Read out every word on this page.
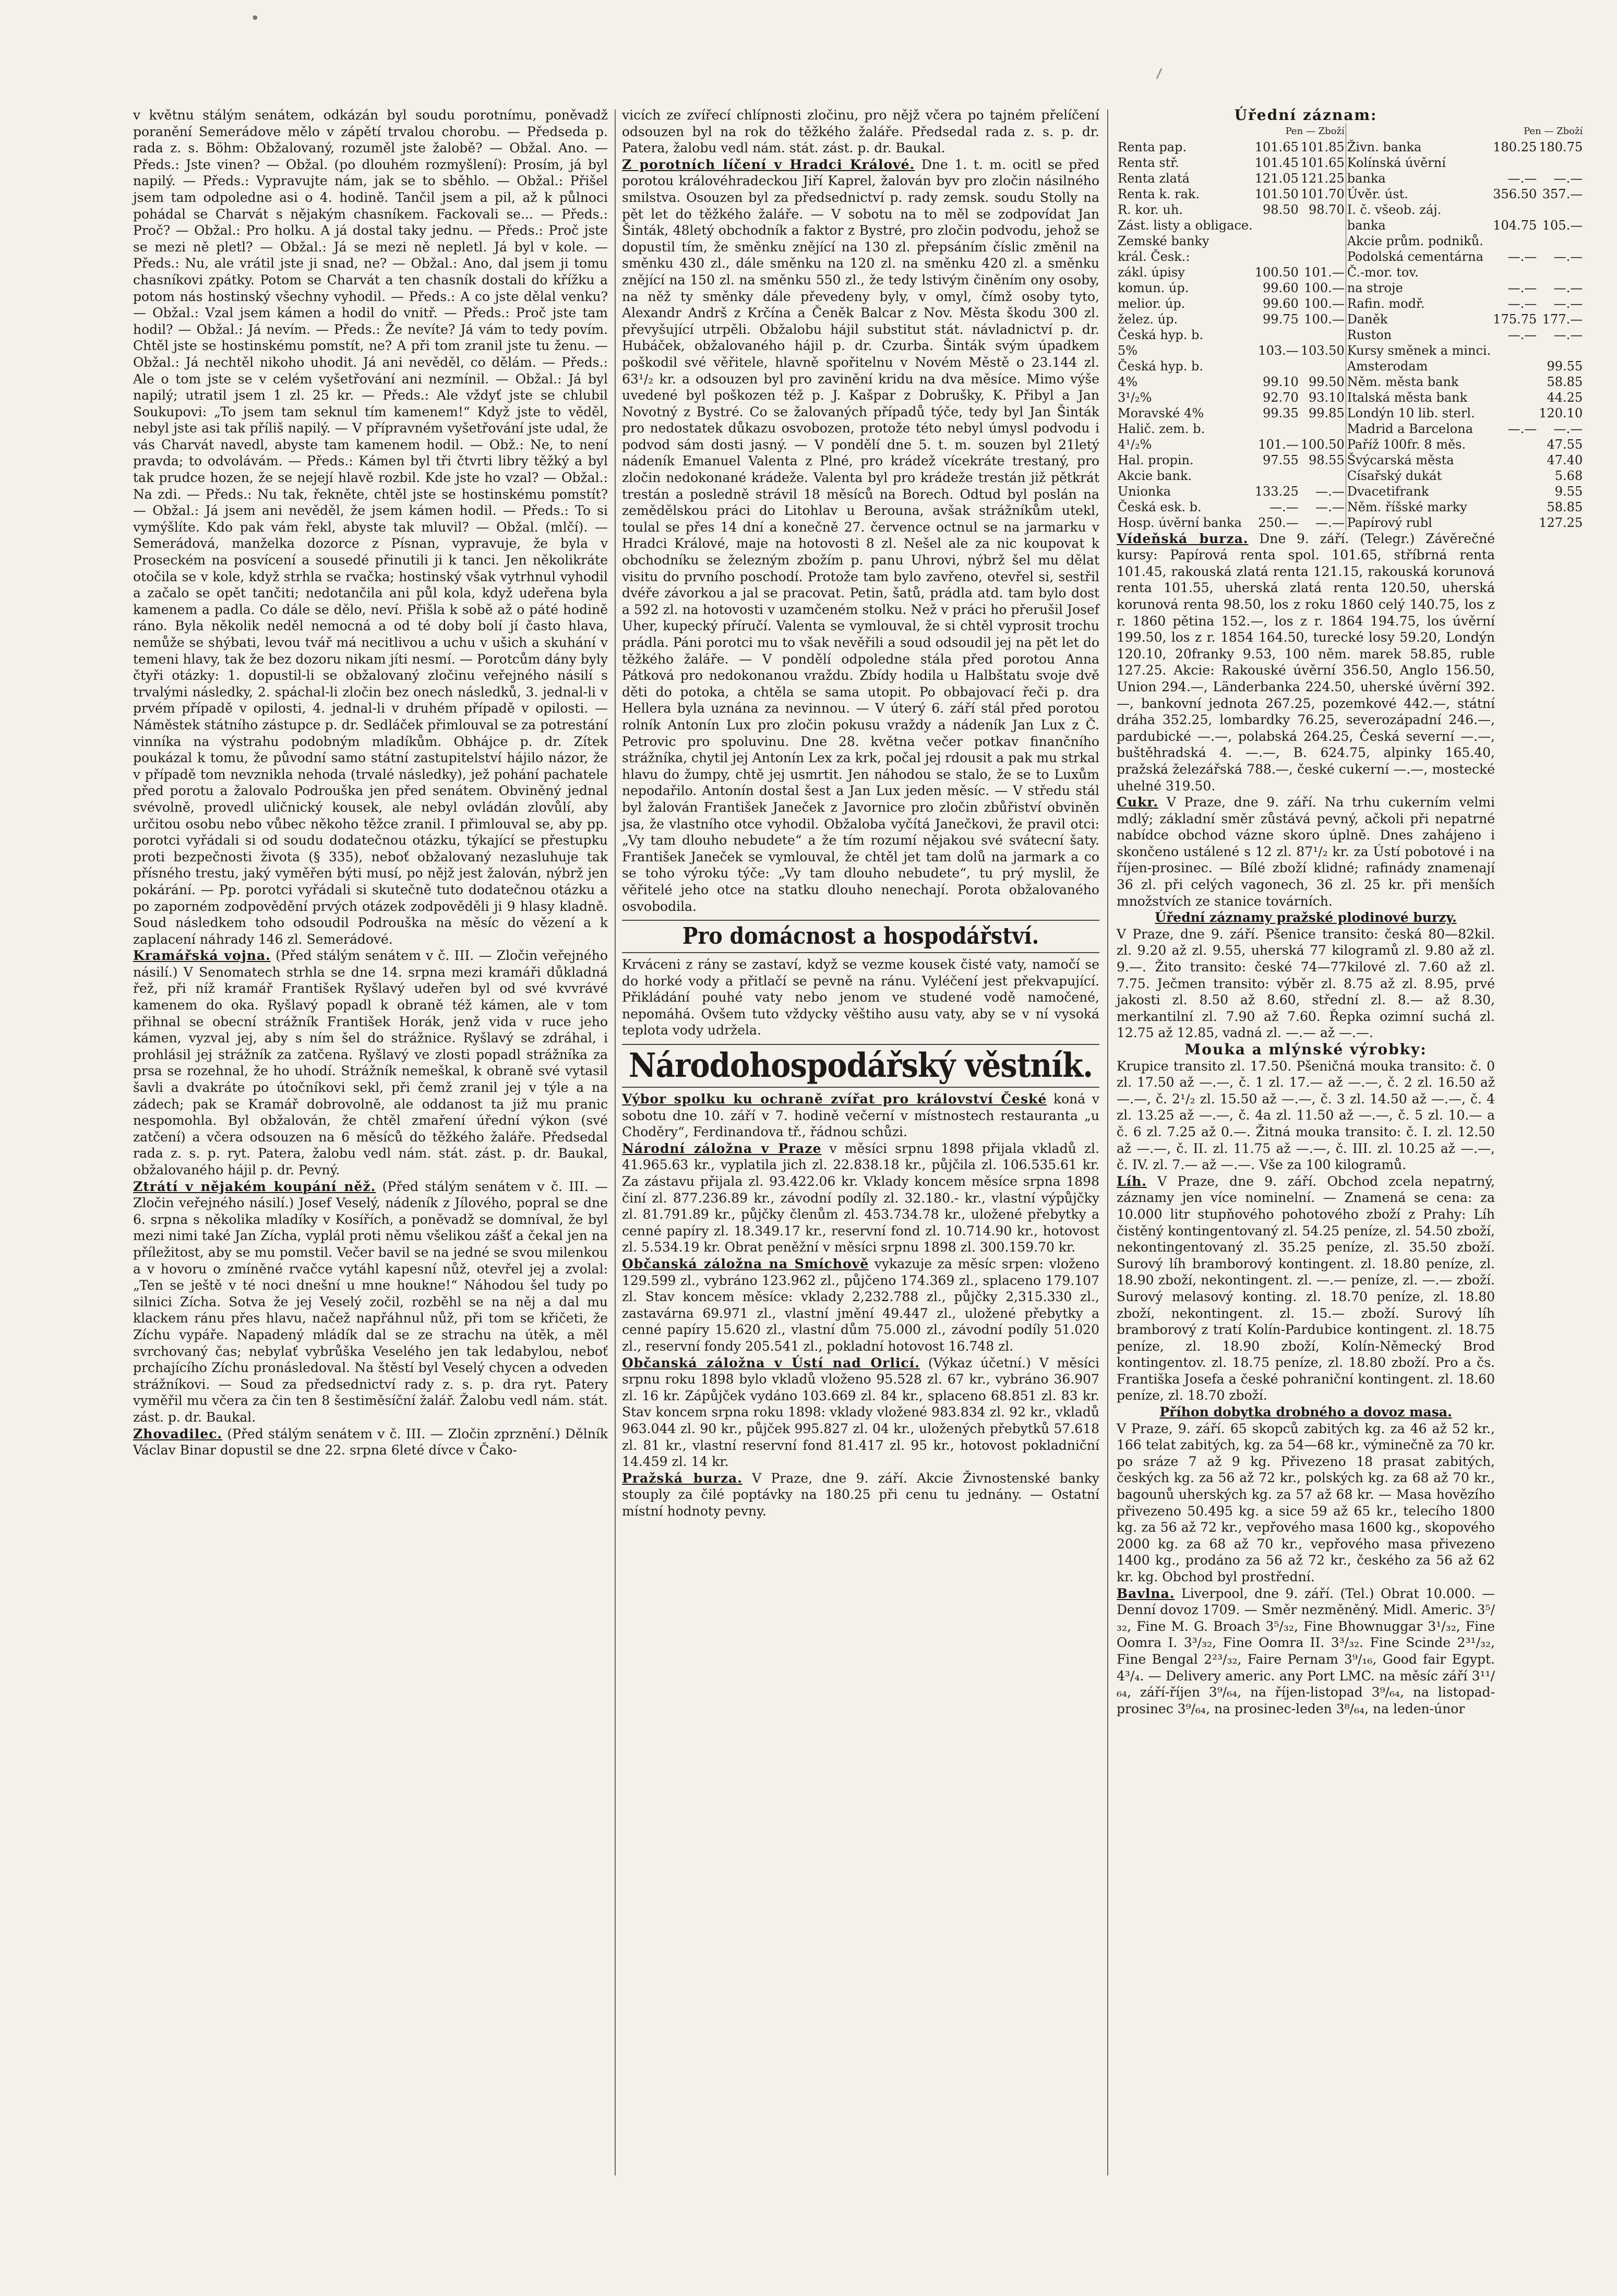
•

v květnu stálým senátem, odkázán byl soudu porotnímu, poněvadž poranění Semerádove mělo v zápětí trvalou chorobu. — Předseda p. rada z. s. Böhm: Obžalovaný, rozuměl jste žalobě? — Obžal. Ano. — Předs.: Jste vinen? — Obžal. (po dlouhém rozmyšlení): Prosím, já byl napilý. — Předs.: Vypravujte nám, jak se to sběhlo. — Obžal.: Přišel jsem tam odpoledne asi o 4. hodině. Tančil jsem a pil, až k půlnoci pohádal se Charvát s nějakým chasníkem. Fackovali se... — Předs.: Proč? — Obžal.: Pro holku. A já dostal taky jednu. — Předs.: Proč jste se mezi ně pletl? — Obžal.: Já se mezi ně nepletl. Já byl v kole. — Předs.: Nu, ale vrátil jste ji snad, ne? — Obžal.: Ano, dal jsem ji tomu chasníkovi zpátky. Potom se Charvát a ten chasník dostali do křížku a potom nás hostinský všechny vyhodil. — Předs.: A co jste dělal venku? — Obžal.: Vzal jsem kámen a hodil do vnitř. — Předs.: Proč jste tam hodil? — Obžal.: Já nevím. — Předs.: Že nevíte? Já vám to tedy povím. Chtěl jste se hostinskému pomstít, ne? A při tom zranil jste tu ženu. — Obžal.: Já nechtěl nikoho uhodit. Já ani nevěděl, co dělám. — Předs.: Ale o tom jste se v celém vyšetřování ani nezmínil. — Obžal.: Já byl napilý; utratil jsem 1 zl. 25 kr. — Předs.: Ale vždyť jste se chlubil Soukupovi: „To jsem tam seknul tím kamenem!“ Když jste to věděl, nebyl jste asi tak příliš napilý. — V přípravném vyšetřování jste udal, že vás Charvát navedl, abyste tam kamenem hodil. — Obž.: Ne, to není pravda; to odvolávám. — Předs.: Kámen byl tři čtvrti libry těžký a byl tak prudce hozen, že se nejejí hlavě rozbil. Kde jste ho vzal? — Obžal.: Na zdi. — Předs.: Nu tak, řekněte, chtěl jste se hostinskému pomstít? — Obžal.: Já jsem ani nevěděl, že jsem kámen hodil. — Předs.: To si vymýšlíte. Kdo pak vám řekl, abyste tak mluvil? — Obžal. (mlčí). — Semerádová, manželka dozorce z Písnan, vypravuje, že byla v Proseckém na posvícení a sousedé přinutili ji k tanci. Jen několikráte otočila se v kole, když strhla se rvačka; hostinský však vytrhnul vyhodil a začalo se opět tančiti; nedotančila ani půl kola, když udeřena byla kamenem a padla. Co dále se dělo, neví. Přišla k sobě až o páté hodině ráno. Byla několik neděl nemocná a od té doby bolí jí často hlava, nemůže se shýbati, levou tvář má necitlivou a uchu v ušich a skuhání v temeni hlavy, tak že bez dozoru nikam jíti nesmí. — Porotcům dány byly čtyři otázky: 1. dopustil-li se obžalovaný zločinu veřejného násilí s trvalými následky, 2. spáchal-li zločin bez onech následků, 3. jednal-li v prvém případě v opilosti, 4. jednal-li v druhém případě v opilosti. — Náměstek státního zástupce p. dr. Sedláček přimlouval se za potrestání vinníka na výstrahu podobným mladíkům. Obhájce p. dr. Zítek poukázal k tomu, že původní samo státní zastupitelství hájilo názor, že v případě tom nevznikla nehoda (trvalé následky), jež pohání pachatele před porotu a žalovalo Podrouška jen před senátem. Obviněný jednal svévolně, provedl uličnický kousek, ale nebyl ovládán zlovůlí, aby určitou osobu nebo vůbec někoho těžce zranil. I přimlouval se, aby pp. porotci vyřádali si od soudu dodatečnou otázku, týkající se přestupku proti bezpečnosti života (§ 335), neboť obžalovaný nezasluhuje tak přísného trestu, jaký vyměřen býti musí, po nějž jest žalován, nýbrž jen pokárání. — Pp. porotci vyřádali si skutečně tuto dodatečnou otázku a po zaporném zodpovědění prvých otázek zodpověděli ji 9 hlasy kladně. Soud následkem toho odsoudil Podrouška na měsíc do vězení a k zaplacení náhrady 146 zl. Semerádové.

Kramářská vojna. (Před stálým senátem v č. III. — Zločin veřejného násilí.) V Senomatech strhla se dne 14. srpna mezi kramáři důkladná řež, při níž kramář František Ryšlavý udeřen byl od své kvvrávé kamenem do oka. Ryšlavý popadl k obraně též kámen, ale v tom přihnal se obecní strážník František Horák, jenž vida v ruce jeho kámen, vyzval jej, aby s ním šel do strážnice. Ryšlavý se zdráhal, i prohlásil jej strážník za zatčena. Ryšlavý ve zlosti popadl strážníka za prsa se rozehnal, že ho uhodí. Strážník nemeškal, k obraně své vytasil šavli a dvakráte po útočníkovi sekl, při čemž zranil jej v týle a na zádech; pak se Kramář dobrovolně, ale oddanost ta již mu pranic nespomohla. Byl obžalován, že chtěl zmaření úřední výkon (své zatčení) a včera odsouzen na 6 měsíců do těžkého žaláře. Předsedal rada z. s. p. ryt. Patera, žalobu vedl nám. stát. zást. p. dr. Baukal, obžalovaného hájil p. dr. Pevný.

Ztrátí v nějakém koupání něž. (Před stálým senátem v č. III. — Zločin veřejného násilí.) Josef Veselý, nádeník z Jílového, popral se dne 6. srpna s několika mladíky v Kosířích, a poněvadž se domníval, že byl mezi nimi také Jan Zícha, vyplál proti němu všelikou zášť a čekal jen na příležitost, aby se mu pomstil. Večer bavil se na jedné se svou milenkou a v hovoru o zmíněné rvačce vytáhl kapesní nůž, otevřel jej a zvolal: „Ten se ještě v té noci dnešní u mne houkne!“ Náhodou šel tudy po silnici Zícha. Sotva že jej Veselý zočil, rozběhl se na něj a dal mu klackem ránu přes hlavu, načež napřáhnul nůž, při tom se křičeti, že Zíchu vypáře. Napadený mládík dal se ze strachu na útěk, a měl svrchovaný čas; nebylať vybrůška Veselého jen tak ledabylou, neboť prchajícího Zíchu pronásledoval. Na štěstí byl Veselý chycen a odveden strážníkovi. — Soud za předsednictví rady z. s. p. dra ryt. Patery vyměřil mu včera za čin ten 8 šestiměsíční žalář. Žalobu vedl nám. stát. zást. p. dr. Baukal.

Zhovadilec. (Před stálým senátem v č. III. — Zločin zprznění.) Dělník Václav Binar dopustil se dne 22. srpna 6leté dívce v Čako-

vicích ze zvířecí chlípnosti zločinu, pro nějž včera po tajném přelíčení odsouzen byl na rok do těžkého žaláře. Předsedal rada z. s. p. dr. Patera, žalobu vedl nám. stát. zást. p. dr. Baukal.

Z porotních líčení v Hradci Králové. Dne 1. t. m. ocitl se před porotou královéhradeckou Jiří Kaprel, žalován byv pro zločin násilného smilstva. Osouzen byl za předsednictví p. rady zemsk. soudu Stolly na pět let do těžkého žaláře. — V sobotu na to měl se zodpovídat Jan Šinták, 48letý obchodník a faktor z Bystré, pro zločin podvodu, jehož se dopustil tím, že směnku znějící na 130 zl. přepsáním číslic změnil na směnku 430 zl., dále směnku na 120 zl. na směnku 420 zl. a směnku znějící na 150 zl. na směnku 550 zl., že tedy lstivým činěním ony osoby, na něž ty směnky dále převedeny byly, v omyl, čímž osoby tyto, Alexandr Andrš z Krčína a Čeněk Balcar z Nov. Města škodu 300 zl. převyšující utrpěli. Obžalobu hájil substitut stát. návladnictví p. dr. Hubáček, obžalovaného hájil p. dr. Czurba. Šinták svým úpadkem poškodil své věřitele, hlavně spořitelnu v Novém Městě o 23.144 zl. 63¹/₂ kr. a odsouzen byl pro zavinění kridu na dva měsíce. Mimo výše uvedené byl poškozen též p. J. Kašpar z Dobrušky, K. Přibyl a Jan Novotný z Bystré. Co se žalovaných případů týče, tedy byl Jan Šinták pro nedostatek důkazu osvobozen, protože této nebyl úmysl podvodu i podvod sám dosti jasný. — V pondělí dne 5. t. m. souzen byl 21letý nádeník Emanuel Valenta z Plné, pro krádež vícekráte trestaný, pro zločin nedokonané krádeže. Valenta byl pro krádeže trestán již pětkrát trestán a posledně strávil 18 měsíců na Borech. Odtud byl poslán na zemědělskou práci do Litohlav u Berouna, avšak strážníkům utekl, toulal se přes 14 dní a konečně 27. července octnul se na jarmarku v Hradci Králové, maje na hotovosti 8 zl. Nešel ale za nic koupovat k obchodníku se železným zbožím p. panu Uhrovi, nýbrž šel mu dělat visitu do prvního poschodí. Protože tam bylo zavřeno, otevřel si, sestřil dvéře závorkou a jal se pracovat. Petin, šatů, prádla atd. tam bylo dost a 592 zl. na hotovosti v uzamčeném stolku. Než v práci ho přerušil Josef Uher, kupecký příručí. Valenta se vymlouval, že si chtěl vyprosit trochu prádla. Páni porotci mu to však nevěřili a soud odsoudil jej na pět let do těžkého žaláře. — V pondělí odpoledne stála před porotou Anna Pátková pro nedokonanou vraždu. Zbídy hodila u Halbštatu svoje dvě děti do potoka, a chtěla se sama utopit. Po obbajovací řeči p. dra Hellera byla uznána za nevinnou. — V úterý 6. září stál před porotou rolník Antonín Lux pro zločin pokusu vraždy a nádeník Jan Lux z Č. Petrovic pro spoluvinu. Dne 28. května večer potkav finančního strážníka, chytil jej Antonín Lex za krk, počal jej rdousit a pak mu strkal hlavu do žumpy, chtě jej usmrtit. Jen náhodou se stalo, že se to Luxům nepodařilo. Antonín dostal šest a Jan Lux jeden měsíc. — V středu stál byl žalován František Janeček z Javornice pro zločin zbůřiství obviněn jsa, že vlastního otce vyhodil. Obžaloba vyčítá Janečkovi, že pravil otci: „Vy tam dlouho nebudete“ a že tím rozumí nějakou své svátecní šaty. František Janeček se vymlouval, že chtěl jet tam dolů na jarmark a co se toho výroku týče: „Vy tam dlouho nebudete“, tu prý myslil, že věřitelé jeho otce na statku dlouho nenechají. Porota obžalovaného osvobodila.

Pro domácnost a hospodářství.

Krváceni z rány se zastaví, když se vezme kousek čisté vaty, namočí se do horké vody a přitlačí se pevně na ránu. Vyléčení jest překvapující. Přikládání pouhé vaty nebo jenom ve studené vodě namočené, nepomáhá. Ovšem tuto vždycky věštiho ausu vaty, aby se v ní vysoká teplota vody udržela.

Národohospodářský věstník.

Výbor spolku ku ochraně zvířat pro království České koná v sobotu dne 10. září v 7. hodině večerní v místnostech restauranta „u Choděry“, Ferdinandova tř., řádnou schůzi.

Národní záložna v Praze v měsíci srpnu 1898 přijala vkladů zl. 41.965.63 kr., vyplatila jich zl. 22.838.18 kr., půjčila zl. 106.535.61 kr. Za zástavu přijala zl. 93.422.06 kr. Vklady koncem měsíce srpna 1898 činí zl. 877.236.89 kr., závodní podíly zl. 32.180.- kr., vlastní výpůjčky zl. 81.791.89 kr., půjčky členům zl. 453.734.78 kr., uložené přebytky a cenné papíry zl. 18.349.17 kr., reservní fond zl. 10.714.90 kr., hotovost zl. 5.534.19 kr. Obrat peněžní v měsíci srpnu 1898 zl. 300.159.70 kr.

Občanská záložna na Smíchově vykazuje za měsíc srpen: vloženo 129.599 zl., vybráno 123.962 zl., půjčeno 174.369 zl., splaceno 179.107 zl. Stav koncem měsíce: vklady 2,232.788 zl., půjčky 2,315.330 zl., zastavárna 69.971 zl., vlastní jmění 49.447 zl., uložené přebytky a cenné papíry 15.620 zl., vlastní dům 75.000 zl., závodní podíly 51.020 zl., reservní fondy 205.541 zl., pokladní hotovost 16.748 zl.

Občanská záložna v Ústí nad Orlicí. (Výkaz účetní.) V měsíci srpnu roku 1898 bylo vkladů vloženo 95.528 zl. 67 kr., vybráno 36.907 zl. 16 kr. Zápůjček vydáno 103.669 zl. 84 kr., splaceno 68.851 zl. 83 kr. Stav koncem srpna roku 1898: vklady vložené 983.834 zl. 92 kr., vkladů 963.044 zl. 90 kr., půjček 995.827 zl. 04 kr., uložených přebytků 57.618 zl. 81 kr., vlastní reservní fond 81.417 zl. 95 kr., hotovost pokladniční 14.459 zl. 14 kr.

Pražská burza. V Praze, dne 9. září. Akcie Živnostenské banky stouply za čilé poptávky na 180.25 při cenu tu jednány. — Ostatní místní hodnoty pevny.

Úřední záznam:
Pen — Zboží			Pen — Zboží		
Renta pap.	101.65	101.85	Živn. banka	180.25	180.75
Renta stř.	101.45	101.65	Kolínská úvěrní		
Renta zlatá	121.05	121.25	banka	—.—	—.—
Renta k. rak.	101.50	101.70	Úvěr. úst.	356.50	357.—
R. kor. uh.	98.50	98.70	I. č. všeob. záj.		
Zást. listy a obligace.			banka	104.75	105.—
Zemské banky			Akcie prům. podniků.		
král. Česk.:			Podolská cementárna	—.—	—.—
zákl. úpisy	100.50	101.—	Č.-mor. tov.		
komun. úp.	99.60	100.—	na stroje	—.—	—.—
melior. úp.	99.60	100.—	Rafin. modř.	—.—	—.—
želez. úp.	99.75	100.—	Daněk	175.75	177.—
Česká hyp. b.			Ruston	—.—	—.—
5%	103.—	103.50	Kursy směnek a minci.		
Česká hyp. b.			Amsterodam		99.55
4%	99.10	99.50	Něm. města bank		58.85
3¹/₂%	92.70	93.10	Italská města bank		44.25
Moravské 4%	99.35	99.85	Londýn 10 lib. sterl.		120.10
Halič. zem. b.			Madrid a Barcelona	—.—	—.—
4¹/₂%	101.—	100.50	Paříž 100fr. 8 měs.		47.55
Hal. propin.	97.55	98.55	Švýcarská města		47.40
Akcie bank.			Císařský dukát		5.68
Unionka	133.25	—.—	Dvacetifrank		9.55
Česká esk. b.	—.—	—.—	Něm. říšské marky		58.85
Hosp. úvěrní banka	250.—	—.—	Papírový rubl		127.25

Vídeňská burza. Dne 9. září. (Telegr.) Závěrečné kursy: Papírová renta spol. 101.65, stříbrná renta 101.45, rakouská zlatá renta 121.15, rakouská korunová renta 101.55, uherská zlatá renta 120.50, uherská korunová renta 98.50, los z roku 1860 celý 140.75, los z r. 1860 pětina 152.—, los z r. 1864 194.75, los úvěrní 199.50, los z r. 1854 164.50, turecké losy 59.20, Londýn 120.10, 20franky 9.53, 100 něm. marek 58.85, ruble 127.25. Akcie: Rakouské úvěrní 356.50, Anglo 156.50, Union 294.—, Länderbanka 224.50, uherské úvěrní 392.—, bankovní jednota 267.25, pozemkové 442.—, státní dráha 352.25, lombardky 76.25, severozápadní 246.—, pardubické —.—, polabská 264.25, Česká severní —.—, buštěhradská 4. —.—, B. 624.75, alpinky 165.40, pražská železářská 788.—, české cukerní —.—, mostecké uhelné 319.50.

Cukr. V Praze, dne 9. září. Na trhu cukerním velmi mdlý; základní směr zůstává pevný, ačkoli při nepatrné nabídce obchod vázne skoro úplně. Dnes zahájeno i skončeno ustálené s 12 zl. 87¹/₂ kr. za Ústí pobotové i na říjen-prosinec. — Bílé zboží klidné; rafinády znamenají 36 zl. při celých vagonech, 36 zl. 25 kr. při menších množstvích ze stanice továrních.

Úřední záznamy pražské plodinové burzy.

V Praze, dne 9. září. Pšenice transito: česká 80—82kil. zl. 9.20 až zl. 9.55, uherská 77 kilogramů zl. 9.80 až zl. 9.—. Žito transito: české 74—77kilové zl. 7.60 až zl. 7.75. Ječmen transito: výběr zl. 8.75 až zl. 8.95, prvé jakosti zl. 8.50 až 8.60, střední zl. 8.— až 8.30, merkantilní zl. 7.90 až 7.60. Řepka ozimní suchá zl. 12.75 až 12.85, vadná zl. —.— až —.—.

Mouka a mlýnské výrobky:

Krupice transito zl. 17.50. Pšeničná mouka transito: č. 0 zl. 17.50 až —.—, č. 1 zl. 17.— až —.—, č. 2 zl. 16.50 až —.—, č. 2¹/₂ zl. 15.50 až —.—, č. 3 zl. 14.50 až —.—, č. 4 zl. 13.25 až —.—, č. 4a zl. 11.50 až —.—, č. 5 zl. 10.— a č. 6 zl. 7.25 až 0.—. Žitná mouka transito: č. I. zl. 12.50 až —.—, č. II. zl. 11.75 až —.—, č. III. zl. 10.25 až —.—, č. IV. zl. 7.— až —.—. Vše za 100 kilogramů.

Líh. V Praze, dne 9. září. Obchod zcela nepatrný, záznamy jen více nominelní. — Znamená se cena: za 10.000 litr stupňového pohotového zboží z Prahy: Líh čistěný kontingentovaný zl. 54.25 peníze, zl. 54.50 zboží, nekontingentovaný zl. 35.25 peníze, zl. 35.50 zboží. Surový líh bramborový kontingent. zl. 18.80 peníze, zl. 18.90 zboží, nekontingent. zl. —.— peníze, zl. —.— zboží. Surový melasový konting. zl. 18.70 peníze, zl. 18.80 zboží, nekontingent. zl. 15.— zboží. Surový líh bramborový z tratí Kolín-Pardubice kontingent. zl. 18.75 peníze, zl. 18.90 zboží, Kolín-Německý Brod kontingentov. zl. 18.75 peníze, zl. 18.80 zboží. Pro a čs. Františka Josefa a české pohraniční kontingent. zl. 18.60 peníze, zl. 18.70 zboží.

Příhon dobytka drobného a dovoz masa.

V Praze, 9. září. 65 skopců zabitých kg. za 46 až 52 kr., 166 telat zabitých, kg. za 54—68 kr., výminečně za 70 kr. po sráze 7 až 9 kg. Přivezeno 18 prasat zabitých, českých kg. za 56 až 72 kr., polských kg. za 68 až 70 kr., bagounů uherských kg. za 57 až 68 kr. — Masa hovězího přivezeno 50.495 kg. a sice 59 až 65 kr., telecího 1800 kg. za 56 až 72 kr., vepřového masa 1600 kg., skopového 2000 kg. za 68 až 70 kr., vepřového masa přivezeno 1400 kg., prodáno za 56 až 72 kr., českého za 56 až 62 kr. kg. Obchod byl prostřední.

Bavlna. Liverpool, dne 9. září. (Tel.) Obrat 10.000. — Denní dovoz 1709. — Směr nezměněný. Midl. Americ. 3⁵/₃₂, Fine M. G. Broach 3⁵/₃₂, Fine Bhownuggar 3¹/₃₂, Fine Oomra I. 3³/₃₂, Fine Oomra II. 3³/₃₂. Fine Scinde 2³¹/₃₂, Fine Bengal 2²³/₃₂, Faire Pernam 3⁹/₁₆, Good fair Egypt. 4³/₄. — Delivery americ. any Port LMC. na měsíc září 3¹¹/₆₄, září-říjen 3⁹/₆₄, na říjen-listopad 3⁹/₆₄, na listopad-prosinec 3⁹/₆₄, na prosinec-leden 3⁸/₆₄, na leden-únor
